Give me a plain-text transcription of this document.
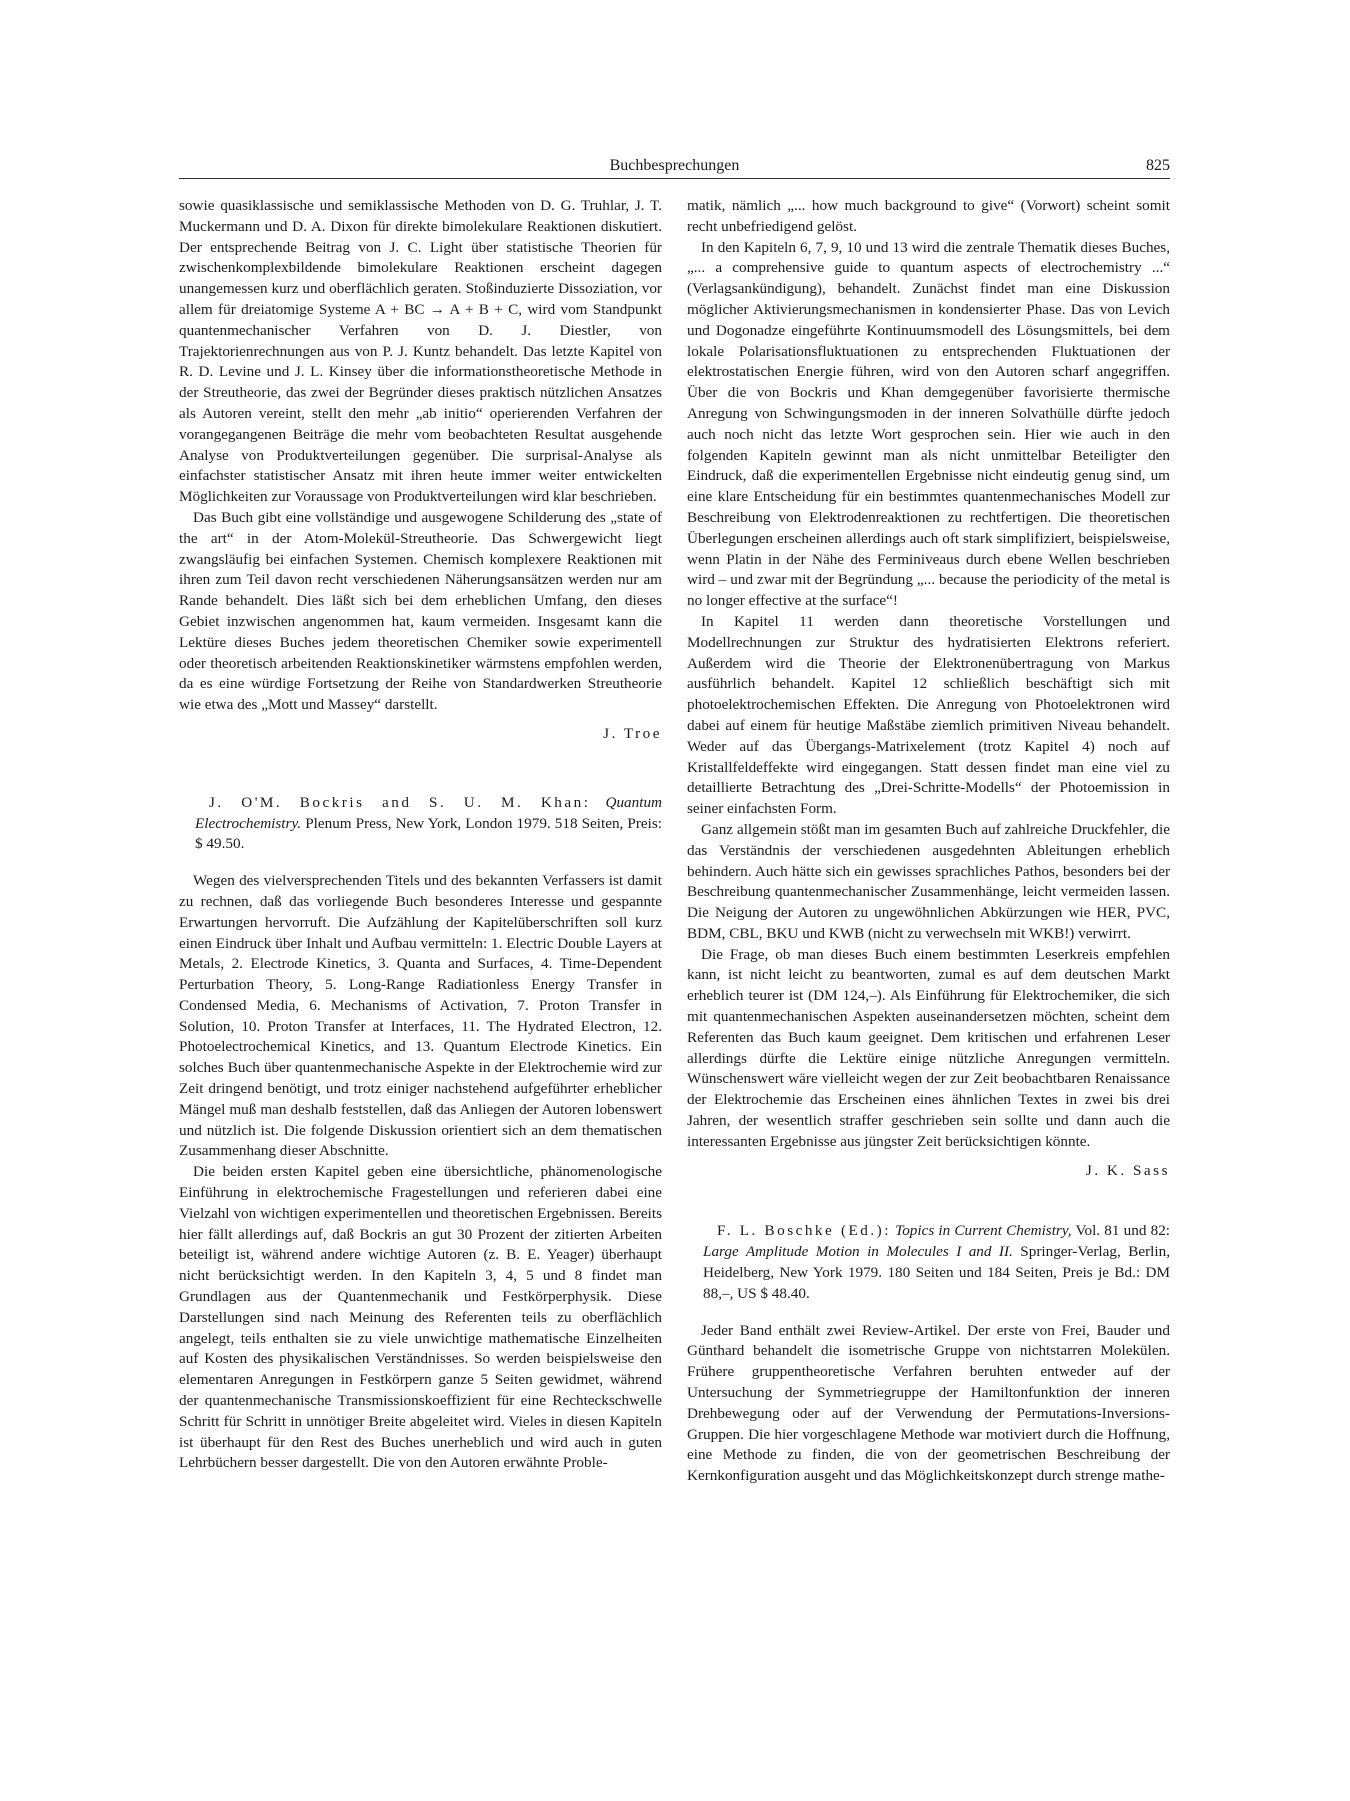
Buchbesprechungen	825

sowie quasiklassische und semiklassische Methoden von D. G. Truhlar, J. T. Muckermann und D. A. Dixon für direkte bimolekulare Reaktionen diskutiert. Der entsprechende Beitrag von J. C. Light über statistische Theorien für zwischenkomplexbildende bimolekulare Reaktionen erscheint dagegen unangemessen kurz und oberflächlich geraten. Stoßinduzierte Dissoziation, vor allem für dreiatomige Systeme A + BC → A + B + C, wird vom Standpunkt quantenmechanischer Verfahren von D. J. Diestler, von Trajektorienrechnungen aus von P. J. Kuntz behandelt. Das letzte Kapitel von R. D. Levine und J. L. Kinsey über die informationstheoretische Methode in der Streutheorie, das zwei der Begründer dieses praktisch nützlichen Ansatzes als Autoren vereint, stellt den mehr „ab initio“ operierenden Verfahren der vorangegangenen Beiträge die mehr vom beobachteten Resultat ausgehende Analyse von Produktverteilungen gegenüber. Die surprisal-Analyse als einfachster statistischer Ansatz mit ihren heute immer weiter entwickelten Möglichkeiten zur Voraussage von Produktverteilungen wird klar beschrieben.

Das Buch gibt eine vollständige und ausgewogene Schilderung des „state of the art“ in der Atom-Molekül-Streutheorie. Das Schwergewicht liegt zwangsläufig bei einfachen Systemen. Chemisch komplexere Reaktionen mit ihren zum Teil davon recht verschiedenen Näherungsansätzen werden nur am Rande behandelt. Dies läßt sich bei dem erheblichen Umfang, den dieses Gebiet inzwischen angenommen hat, kaum vermeiden. Insgesamt kann die Lektüre dieses Buches jedem theoretischen Chemiker sowie experimentell oder theoretisch arbeitenden Reaktionskinetiker wärmstens empfohlen werden, da es eine würdige Fortsetzung der Reihe von Standardwerken Streutheorie wie etwa des „Mott und Massey“ darstellt.

J. Troe

J. O'M. Bockris and S. U. M. Khan: Quantum Electrochemistry. Plenum Press, New York, London 1979. 518 Seiten, Preis: $ 49.50.

Wegen des vielversprechenden Titels und des bekannten Verfassers ist damit zu rechnen, daß das vorliegende Buch besonderes Interesse und gespannte Erwartungen hervorruft. Die Aufzählung der Kapitelüberschriften soll kurz einen Eindruck über Inhalt und Aufbau vermitteln: 1. Electric Double Layers at Metals, 2. Electrode Kinetics, 3. Quanta and Surfaces, 4. Time-Dependent Perturbation Theory, 5. Long-Range Radiationless Energy Transfer in Condensed Media, 6. Mechanisms of Activation, 7. Proton Transfer in Solution, 10. Proton Transfer at Interfaces, 11. The Hydrated Electron, 12. Photoelectrochemical Kinetics, and 13. Quantum Electrode Kinetics. Ein solches Buch über quantenmechanische Aspekte in der Elektrochemie wird zur Zeit dringend benötigt, und trotz einiger nachstehend aufgeführter erheblicher Mängel muß man deshalb feststellen, daß das Anliegen der Autoren lobenswert und nützlich ist. Die folgende Diskussion orientiert sich an dem thematischen Zusammenhang dieser Abschnitte.

Die beiden ersten Kapitel geben eine übersichtliche, phänomenologische Einführung in elektrochemische Fragestellungen und referieren dabei eine Vielzahl von wichtigen experimentellen und theoretischen Ergebnissen. Bereits hier fällt allerdings auf, daß Bockris an gut 30 Prozent der zitierten Arbeiten beteiligt ist, während andere wichtige Autoren (z. B. E. Yeager) überhaupt nicht berücksichtigt werden. In den Kapiteln 3, 4, 5 und 8 findet man Grundlagen aus der Quantenmechanik und Festkörperphysik. Diese Darstellungen sind nach Meinung des Referenten teils zu oberflächlich angelegt, teils enthalten sie zu viele unwichtige mathematische Einzelheiten auf Kosten des physikalischen Verständnisses. So werden beispielsweise den elementaren Anregungen in Festkörpern ganze 5 Seiten gewidmet, während der quantenmechanische Transmissionskoeffizient für eine Rechteckschwelle Schritt für Schritt in unnötiger Breite abgeleitet wird. Vieles in diesen Kapiteln ist überhaupt für den Rest des Buches unerheblich und wird auch in guten Lehrbüchern besser dargestellt. Die von den Autoren erwähnte Proble-

matik, nämlich „... how much background to give“ (Vorwort) scheint somit recht unbefriedigend gelöst.

In den Kapiteln 6, 7, 9, 10 und 13 wird die zentrale Thematik dieses Buches, „... a comprehensive guide to quantum aspects of electrochemistry ...“ (Verlagsankündigung), behandelt. Zunächst findet man eine Diskussion möglicher Aktivierungsmechanismen in kondensierter Phase. Das von Levich und Dogonadze eingeführte Kontinuumsmodell des Lösungsmittels, bei dem lokale Polarisationsfluktuationen zu entsprechenden Fluktuationen der elektrostatischen Energie führen, wird von den Autoren scharf angegriffen. Über die von Bockris und Khan demgegenüber favorisierte thermische Anregung von Schwingungsmoden in der inneren Solvathülle dürfte jedoch auch noch nicht das letzte Wort gesprochen sein. Hier wie auch in den folgenden Kapiteln gewinnt man als nicht unmittelbar Beteiligter den Eindruck, daß die experimentellen Ergebnisse nicht eindeutig genug sind, um eine klare Entscheidung für ein bestimmtes quantenmechanisches Modell zur Beschreibung von Elektrodenreaktionen zu rechtfertigen. Die theoretischen Überlegungen erscheinen allerdings auch oft stark simplifiziert, beispielsweise, wenn Platin in der Nähe des Ferminiveaus durch ebene Wellen beschrieben wird – und zwar mit der Begründung „... because the periodicity of the metal is no longer effective at the surface“!

In Kapitel 11 werden dann theoretische Vorstellungen und Modellrechnungen zur Struktur des hydratisierten Elektrons referiert. Außerdem wird die Theorie der Elektronenübertragung von Markus ausführlich behandelt. Kapitel 12 schließlich beschäftigt sich mit photoelektrochemischen Effekten. Die Anregung von Photoelektronen wird dabei auf einem für heutige Maßstäbe ziemlich primitiven Niveau behandelt. Weder auf das Übergangs-Matrixelement (trotz Kapitel 4) noch auf Kristallfeldeffekte wird eingegangen. Statt dessen findet man eine viel zu detaillierte Betrachtung des „Drei-Schritte-Modells“ der Photoemission in seiner einfachsten Form.

Ganz allgemein stößt man im gesamten Buch auf zahlreiche Druckfehler, die das Verständnis der verschiedenen ausgedehnten Ableitungen erheblich behindern. Auch hätte sich ein gewisses sprachliches Pathos, besonders bei der Beschreibung quantenmechanischer Zusammenhänge, leicht vermeiden lassen. Die Neigung der Autoren zu ungewöhnlichen Abkürzungen wie HER, PVC, BDM, CBL, BKU und KWB (nicht zu verwechseln mit WKB!) verwirrt.

Die Frage, ob man dieses Buch einem bestimmten Leserkreis empfehlen kann, ist nicht leicht zu beantworten, zumal es auf dem deutschen Markt erheblich teurer ist (DM 124,–). Als Einführung für Elektrochemiker, die sich mit quantenmechanischen Aspekten auseinandersetzen möchten, scheint dem Referenten das Buch kaum geeignet. Dem kritischen und erfahrenen Leser allerdings dürfte die Lektüre einige nützliche Anregungen vermitteln. Wünschenswert wäre vielleicht wegen der zur Zeit beobachtbaren Renaissance der Elektrochemie das Erscheinen eines ähnlichen Textes in zwei bis drei Jahren, der wesentlich straffer geschrieben sein sollte und dann auch die interessanten Ergebnisse aus jüngster Zeit berücksichtigen könnte.

J. K. Sass

F. L. Boschke (Ed.): Topics in Current Chemistry, Vol. 81 und 82: Large Amplitude Motion in Molecules I and II. Springer-Verlag, Berlin, Heidelberg, New York 1979. 180 Seiten und 184 Seiten, Preis je Bd.: DM 88,–, US $ 48.40.

Jeder Band enthält zwei Review-Artikel. Der erste von Frei, Bauder und Günthard behandelt die isometrische Gruppe von nichtstarren Molekülen. Frühere gruppentheoretische Verfahren beruhten entweder auf der Untersuchung der Symmetriegruppe der Hamiltonfunktion der inneren Drehbewegung oder auf der Verwendung der Permutations-Inversions-Gruppen. Die hier vorgeschlagene Methode war motiviert durch die Hoffnung, eine Methode zu finden, die von der geometrischen Beschreibung der Kernkonfiguration ausgeht und das Möglichkeitskonzept durch strenge mathe-
